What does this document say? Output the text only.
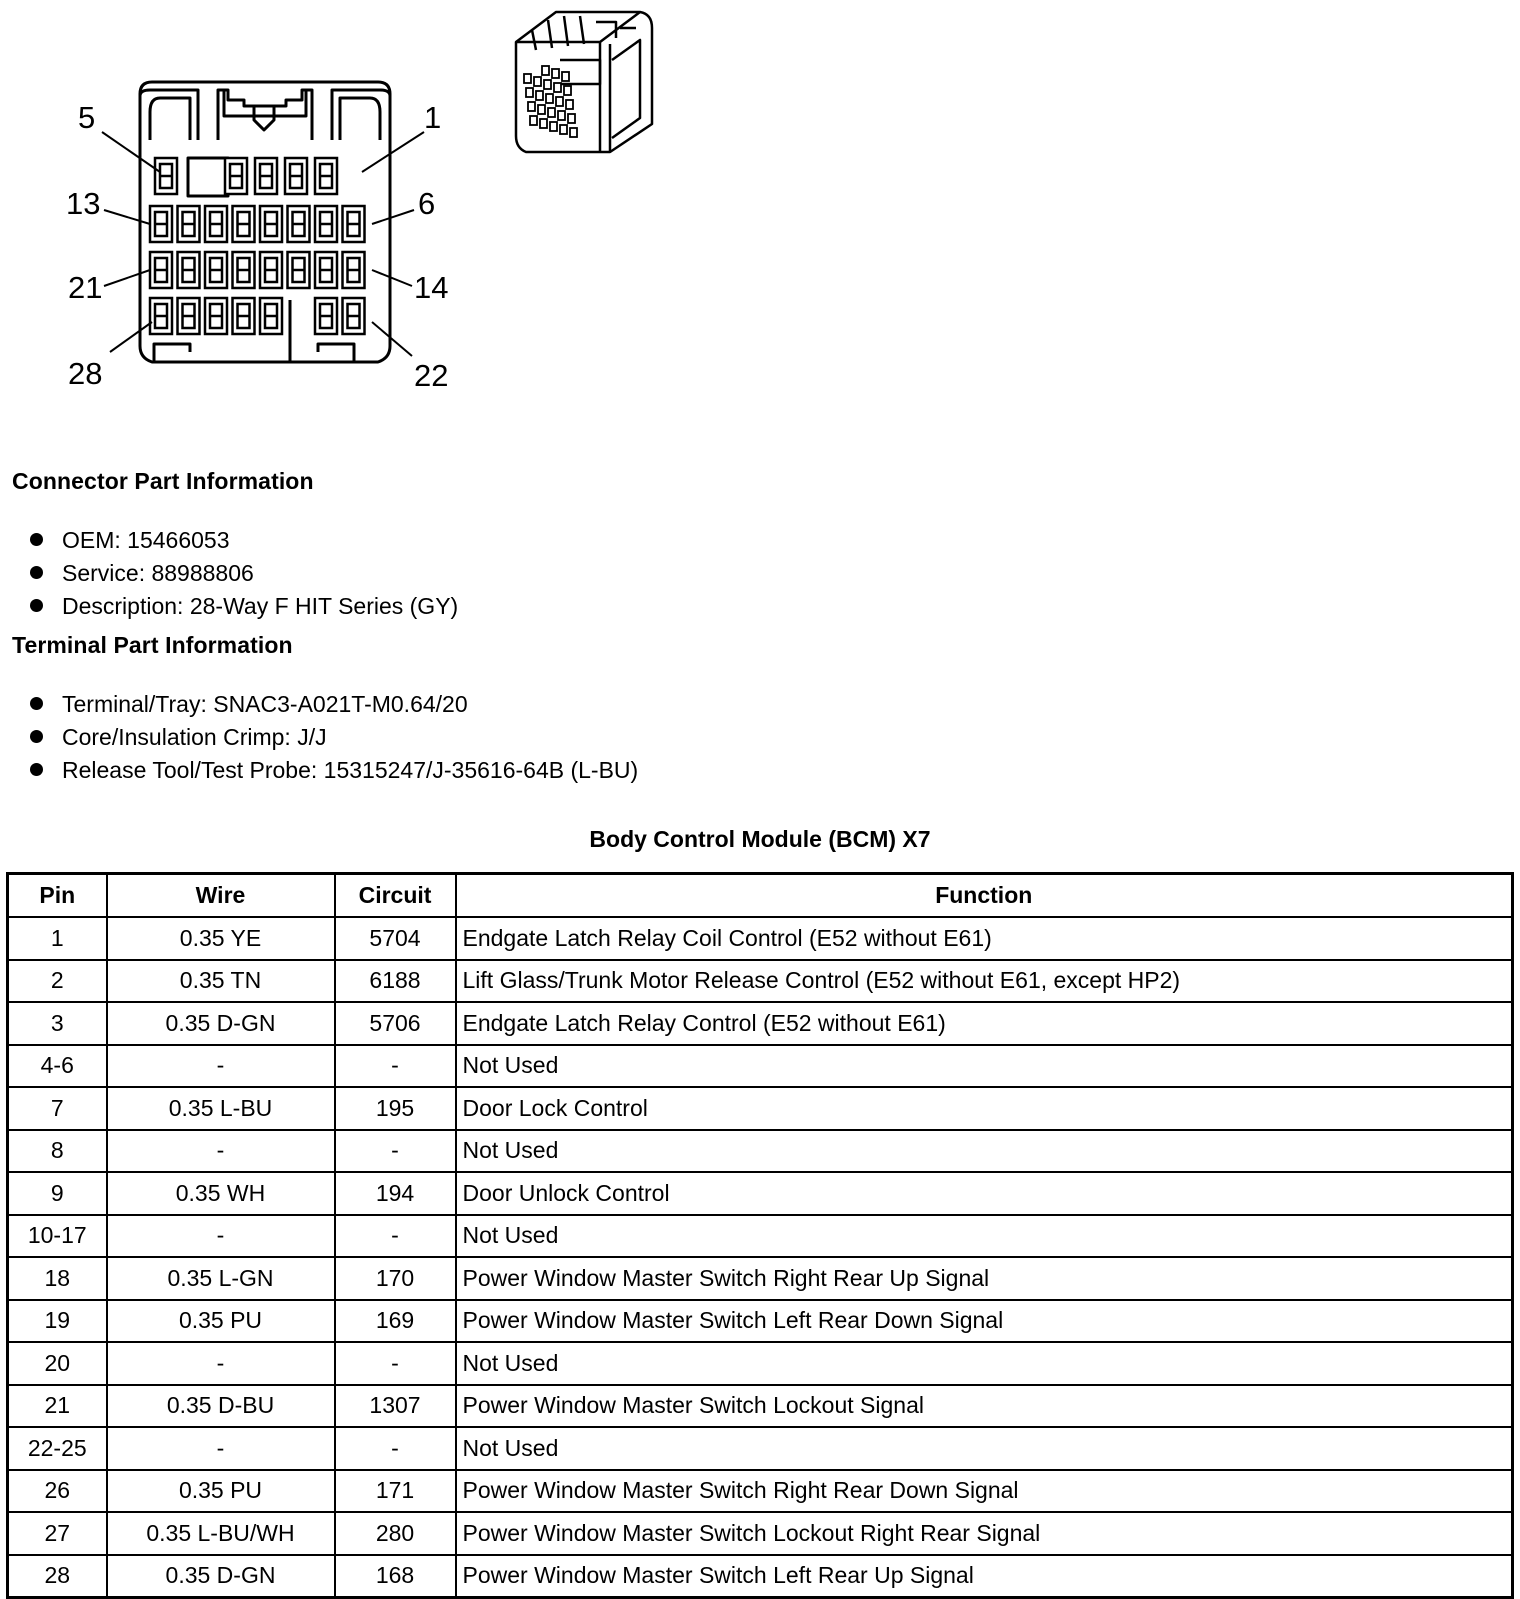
5	1
13	6
21	14
28	22
Connector Part Information
OEM: 15466053
Service: 88988806
Description: 28-Way F HIT Series (GY)
Terminal Part Information
Terminal/Tray: SNAC3-A021T-M0.64/20
Core/Insulation Crimp: J/J
Release Tool/Test Probe: 15315247/J-35616-64B (L-BU)
Body Control Module (BCM) X7
Pin	Wire	Circuit	Function
1	0.35 YE	5704	Endgate Latch Relay Coil Control (E52 without E61)
2	0.35 TN	6188	Lift Glass/Trunk Motor Release Control (E52 without E61, except HP2)
3	0.35 D-GN	5706	Endgate Latch Relay Control (E52 without E61)
4-6	-	-	Not Used
7	0.35 L-BU	195	Door Lock Control
8	-	-	Not Used
9	0.35 WH	194	Door Unlock Control
10-17	-	-	Not Used
18	0.35 L-GN	170	Power Window Master Switch Right Rear Up Signal
19	0.35 PU	169	Power Window Master Switch Left Rear Down Signal
20	-	-	Not Used
21	0.35 D-BU	1307	Power Window Master Switch Lockout Signal
22-25	-	-	Not Used
26	0.35 PU	171	Power Window Master Switch Right Rear Down Signal
27	0.35 L-BU/WH	280	Power Window Master Switch Lockout Right Rear Signal
28	0.35 D-GN	168	Power Window Master Switch Left Rear Up Signal
